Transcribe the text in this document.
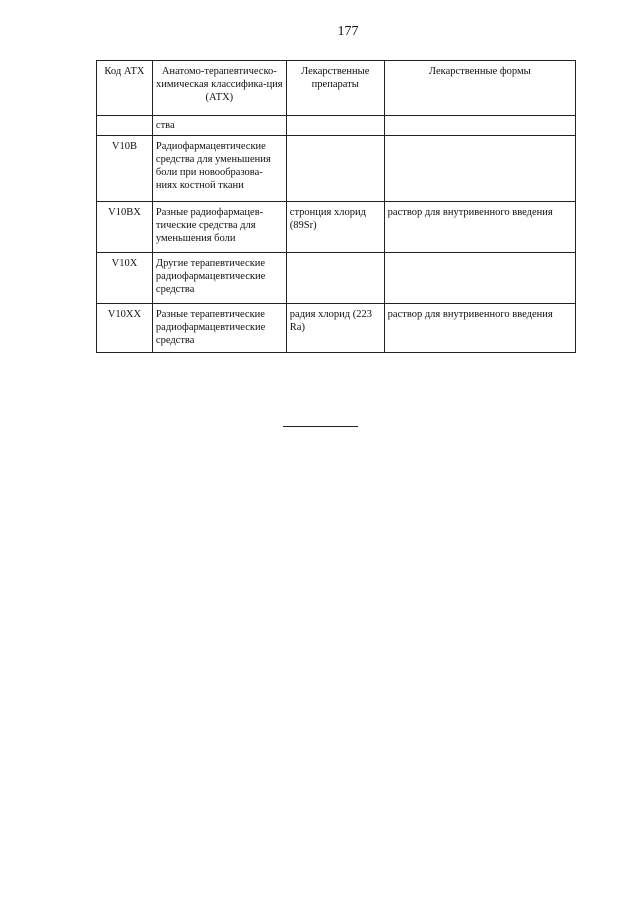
177
Код АТХ	Анатомо-терапевтическо-химическая классифика-ция (АТХ)	Лекарственные препараты	Лекарственные формы
	ства		
V10B	Радиофармацевтические средства для уменьшения боли при новообразова-ниях костной ткани		
V10BX	Разные радиофармацев-тические средства для уменьшения боли	стронция хлорид (89Sr)	раствор для внутривенного введения
V10X	Другие терапевтические радиофармацевтические средства		
V10XX	Разные терапевтические радиофармацевтические средства	радия хлорид (223 Ra)	раствор для внутривенного введения
